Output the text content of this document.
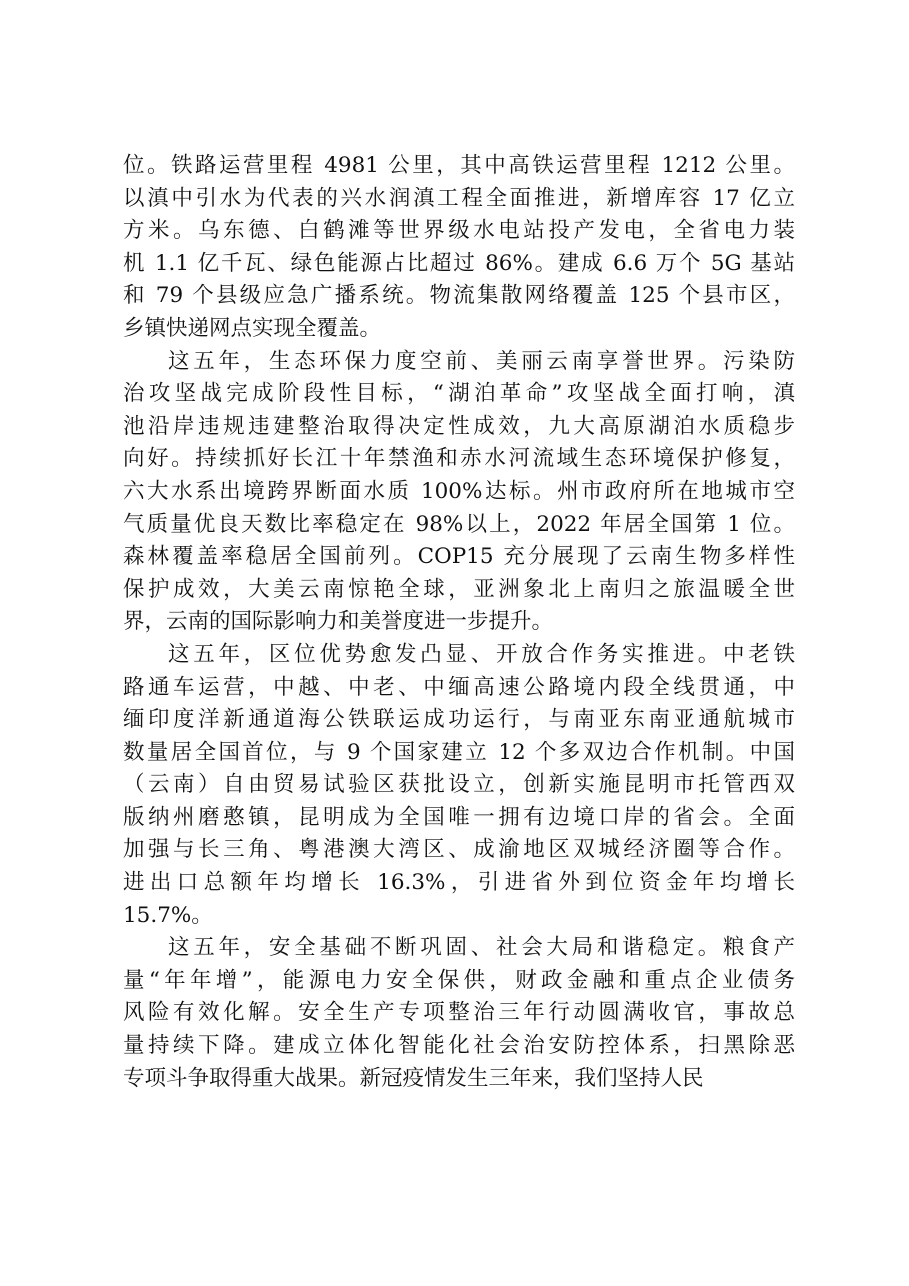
位。铁路运营里程 4981 公里，其中高铁运营里程 1212 公里。
以滇中引水为代表的兴水润滇工程全面推进，新增库容 17 亿立
方米。乌东德、白鹤滩等世界级水电站投产发电，全省电力装
机 1.1 亿千瓦、绿色能源占比超过 86%。建成 6.6 万个 5G 基站
和 79 个县级应急广播系统。物流集散网络覆盖 125 个县市区，
乡镇快递网点实现全覆盖。
这五年，生态环保力度空前、美丽云南享誉世界。污染防
治攻坚战完成阶段性目标，“湖泊革命”攻坚战全面打响，滇
池沿岸违规违建整治取得决定性成效，九大高原湖泊水质稳步
向好。持续抓好长江十年禁渔和赤水河流域生态环境保护修复，
六大水系出境跨界断面水质 100%达标。州市政府所在地城市空
气质量优良天数比率稳定在 98%以上，2022 年居全国第 1 位。
森林覆盖率稳居全国前列。COP15 充分展现了云南生物多样性
保护成效，大美云南惊艳全球，亚洲象北上南归之旅温暖全世
界，云南的国际影响力和美誉度进一步提升。
这五年，区位优势愈发凸显、开放合作务实推进。中老铁
路通车运营，中越、中老、中缅高速公路境内段全线贯通，中
缅印度洋新通道海公铁联运成功运行，与南亚东南亚通航城市
数量居全国首位，与 9 个国家建立 12 个多双边合作机制。中国
（云南）自由贸易试验区获批设立，创新实施昆明市托管西双
版纳州磨憨镇，昆明成为全国唯一拥有边境口岸的省会。全面
加强与长三角、粤港澳大湾区、成渝地区双城经济圈等合作。
进出口总额年均增长 16.3%，引进省外到位资金年均增长
15.7%。
这五年，安全基础不断巩固、社会大局和谐稳定。粮食产
量“年年增”，能源电力安全保供，财政金融和重点企业债务
风险有效化解。安全生产专项整治三年行动圆满收官，事故总
量持续下降。建成立体化智能化社会治安防控体系，扫黑除恶
专项斗争取得重大战果。新冠疫情发生三年来，我们坚持人民
